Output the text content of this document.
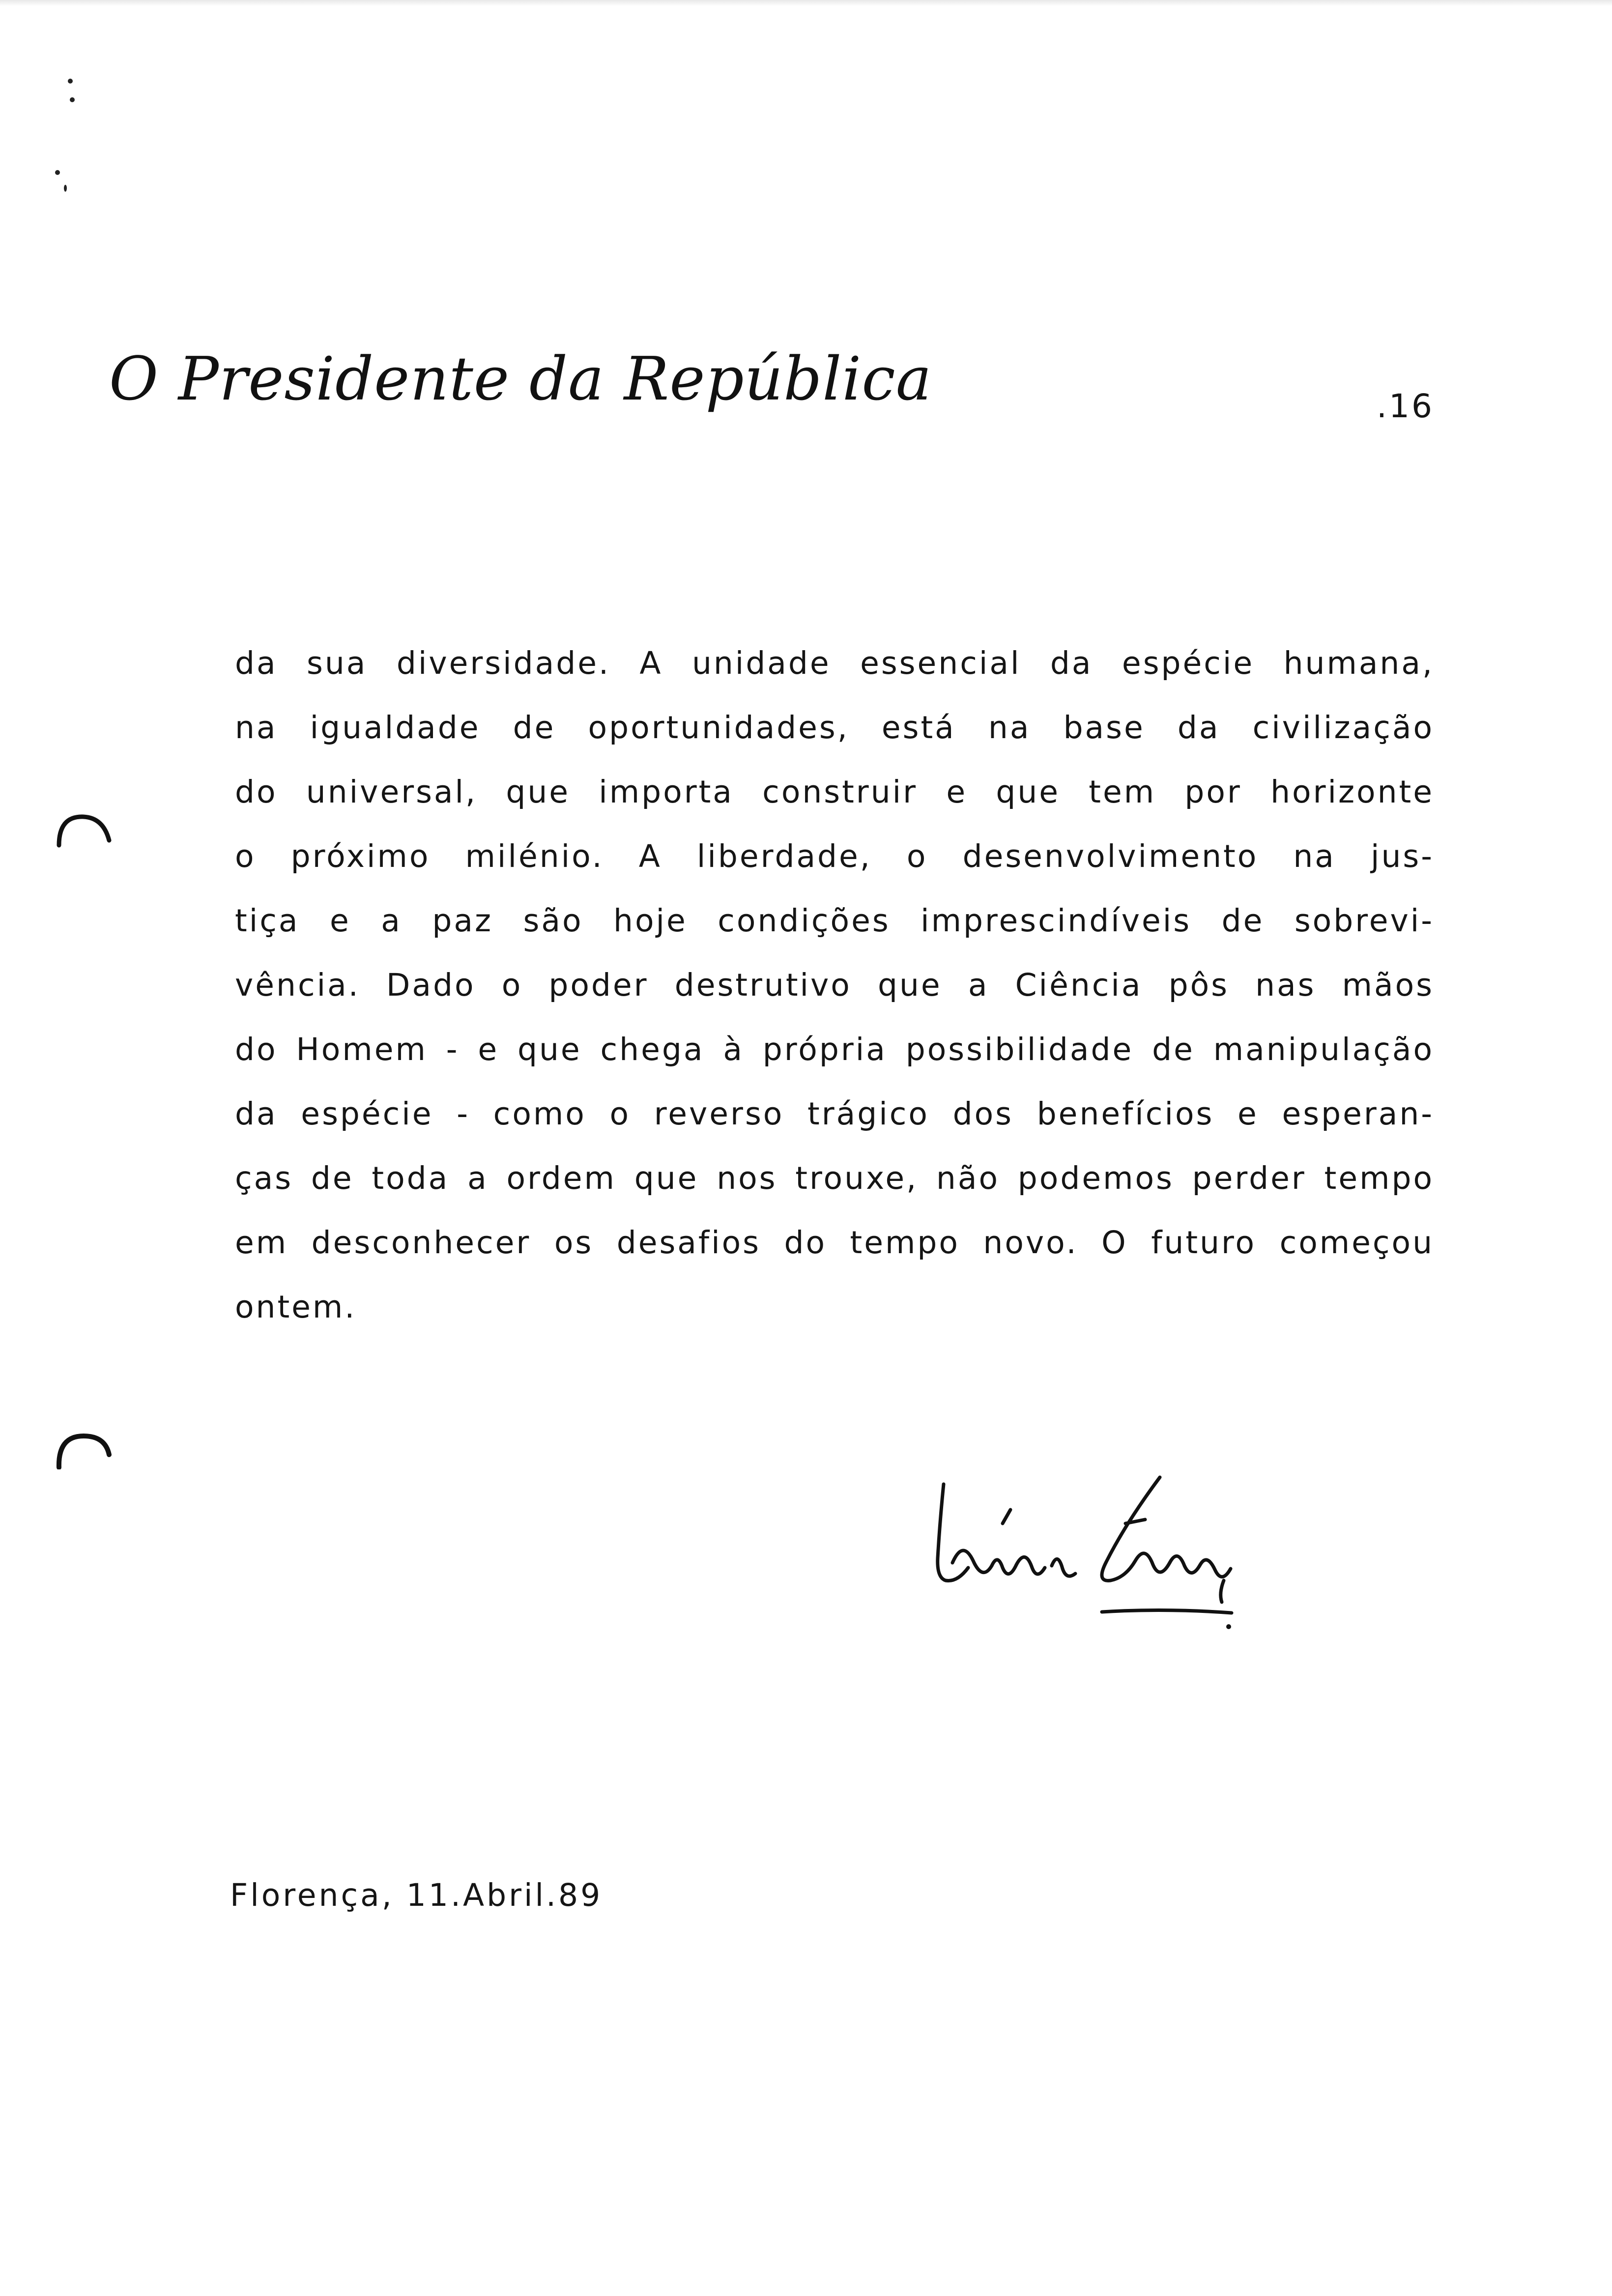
O Presidente da República	.16
da sua diversidade. A unidade essencial da espécie humana,
na igualdade de oportunidades, está na base da civilização
do universal, que importa construir e que tem por horizonte
o próximo milénio. A liberdade, o desenvolvimento na jus-
tiça e a paz são hoje condições imprescindíveis de sobrevi-
vência. Dado o poder destrutivo que a Ciência pôs nas mãos
do Homem - e que chega à própria possibilidade de manipulação
da espécie - como o reverso trágico dos benefícios e esperan-
ças de toda a ordem que nos trouxe, não podemos perder tempo
em desconhecer os desafios do tempo novo. O futuro começou
ontem.
Florença, 11.Abril.89
